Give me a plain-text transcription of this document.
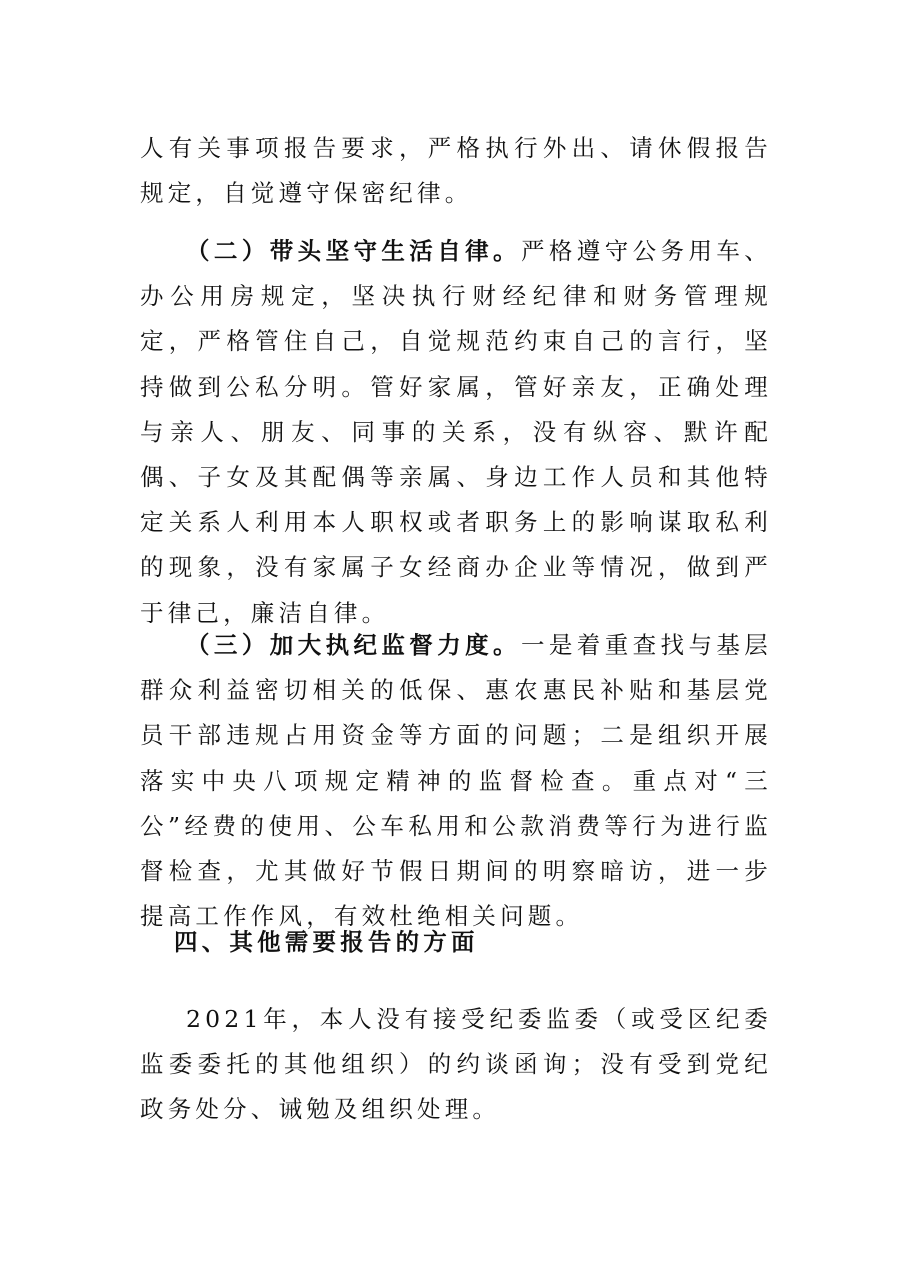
人有关事项报告要求，严格执行外出、请休假报告规定，自觉遵守保密纪律。

（二）带头坚守生活自律。严格遵守公务用车、办公用房规定，坚决执行财经纪律和财务管理规定，严格管住自己，自觉规范约束自己的言行，坚持做到公私分明。管好家属，管好亲友，正确处理与亲人、朋友、同事的关系，没有纵容、默许配偶、子女及其配偶等亲属、身边工作人员和其他特定关系人利用本人职权或者职务上的影响谋取私利的现象，没有家属子女经商办企业等情况，做到严于律己，廉洁自律。

（三）加大执纪监督力度。一是着重查找与基层群众利益密切相关的低保、惠农惠民补贴和基层党员干部违规占用资金等方面的问题；二是组织开展落实中央八项规定精神的监督检查。重点对“三公”经费的使用、公车私用和公款消费等行为进行监督检查，尤其做好节假日期间的明察暗访，进一步提高工作作风，有效杜绝相关问题。

四、其他需要报告的方面

2021年，本人没有接受纪委监委（或受区纪委监委委托的其他组织）的约谈函询；没有受到党纪政务处分、诫勉及组织处理。
